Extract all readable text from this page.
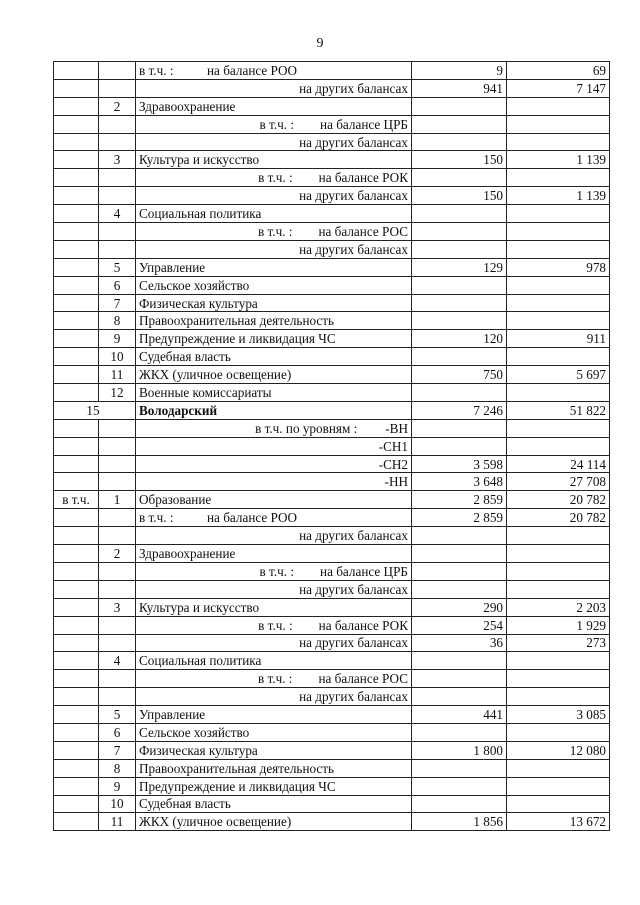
9
		в т.ч. : на балансе РОО	9	69
		на других балансах	941	7 147
	2	Здравоохранение		
		в т.ч. : на балансе ЦРБ		
		на других балансах		
	3	Культура и искусство	150	1 139
		в т.ч. : на балансе РОК		
		на других балансах	150	1 139
	4	Социальная политика		
		в т.ч. : на балансе РОС		
		на других балансах		
	5	Управление	129	978
	6	Сельское хозяйство		
	7	Физическая культура		
	8	Правоохранительная деятельность		
	9	Предупреждение и ликвидация ЧС	120	911
	10	Судебная власть		
	11	ЖКХ (уличное освещение)	750	5 697
	12	Военные комиссариаты		
15		Володарский	7 246	51 822
		в т.ч. по уровням : -ВН		
		-СН1		
		-СН2	3 598	24 114
		-НН	3 648	27 708
в т.ч.	1	Образование	2 859	20 782
		в т.ч. : на балансе РОО	2 859	20 782
		на других балансах		
	2	Здравоохранение		
		в т.ч. : на балансе ЦРБ		
		на других балансах		
	3	Культура и искусство	290	2 203
		в т.ч. : на балансе РОК	254	1 929
		на других балансах	36	273
	4	Социальная политика		
		в т.ч. : на балансе РОС		
		на других балансах		
	5	Управление	441	3 085
	6	Сельское хозяйство		
	7	Физическая культура	1 800	12 080
	8	Правоохранительная деятельность		
	9	Предупреждение и ликвидация ЧС		
	10	Судебная власть		
	11	ЖКХ (уличное освещение)	1 856	13 672
